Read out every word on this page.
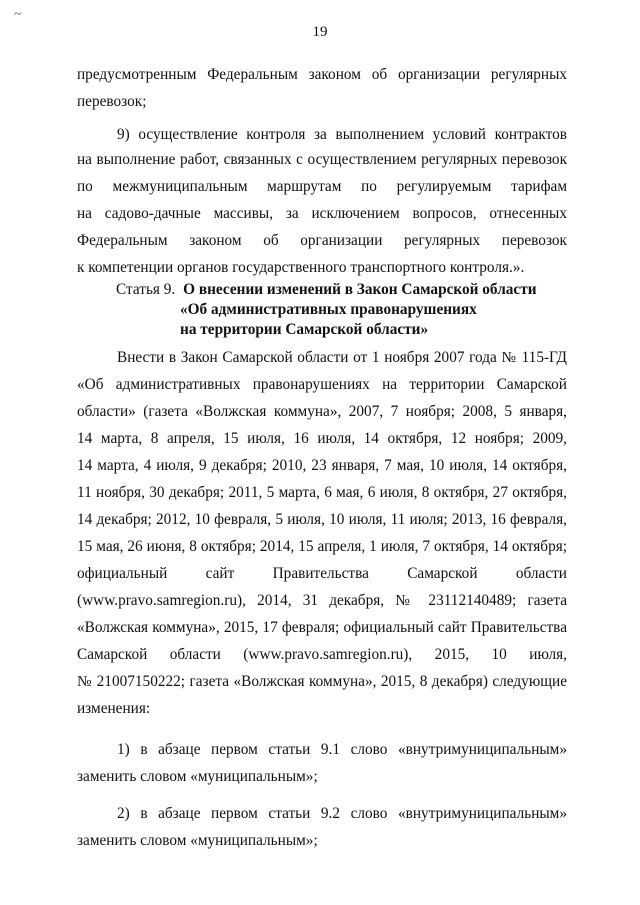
~
19
предусмотренным Федеральным законом об организации регулярных
перевозок;
9) осуществление контроля за выполнением условий контрактов
на выполнение работ, связанных с осуществлением регулярных перевозок
по межмуниципальным маршрутам по регулируемым тарифам
на садово-дачные массивы, за исключением вопросов, отнесенных
Федеральным законом об организации регулярных перевозок
к компетенции органов государственного транспортного контроля.».
Внести в Закон Самарской области от 1 ноября 2007 года № 115-ГД
«Об административных правонарушениях на территории Самарской
области» (газета «Волжская коммуна», 2007, 7 ноября; 2008, 5 января,
14 марта, 8 апреля, 15 июля, 16 июля, 14 октября, 12 ноября; 2009,
14 марта, 4 июля, 9 декабря; 2010, 23 января, 7 мая, 10 июля, 14 октября,
11 ноября, 30 декабря; 2011, 5 марта, 6 мая, 6 июля, 8 октября, 27 октября,
14 декабря; 2012, 10 февраля, 5 июля, 10 июля, 11 июля; 2013, 16 февраля,
15 мая, 26 июня, 8 октября; 2014, 15 апреля, 1 июля, 7 октября, 14 октября;
официальный сайт Правительства Самарской области
(www.pravo.samregion.ru), 2014, 31 декабря, № 23112140489; газета
«Волжская коммуна», 2015, 17 февраля; официальный сайт Правительства
Самарской области (www.pravo.samregion.ru), 2015, 10 июля,
№ 21007150222; газета «Волжская коммуна», 2015, 8 декабря) следующие
изменения:
1) в абзаце первом статьи 9.1 слово «внутримуниципальным»
заменить словом «муниципальным»;
2) в абзаце первом статьи 9.2 слово «внутримуниципальным»
заменить словом «муниципальным»;
Статья 9. О внесении изменений в Закон Самарской области
«Об административных правонарушениях
на территории Самарской области»
